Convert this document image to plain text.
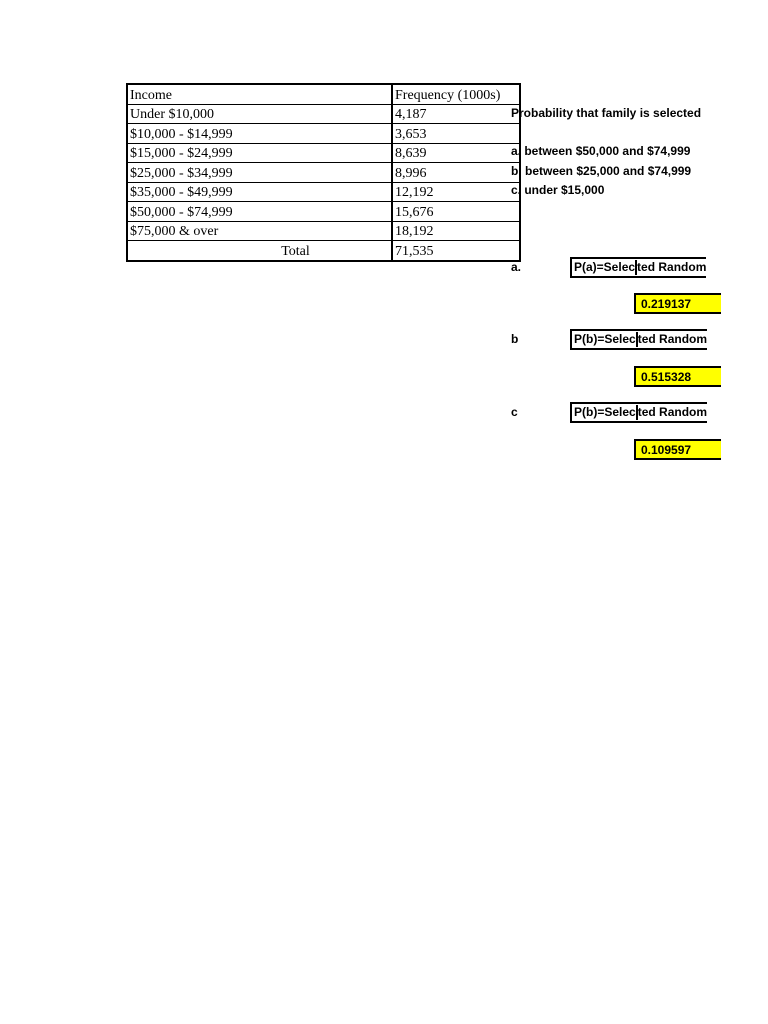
Income	Frequency (1000s)
Under $10,000	4,187
$10,000 - $14,999	3,653
$15,000 - $24,999	8,639
$25,000 - $34,999	8,996
$35,000 - $49,999	12,192
$50,000 - $74,999	15,676
$75,000 & over	18,192
Total	71,535
Probability that family is selected
a. between $50,000 and $74,999
b. between $25,000 and $74,999
c. under $15,000
a.	P(a)=Selec ted Random
0.219137
b	P(b)=Selec ted Random
0.515328
c	P(b)=Selec ted Random
0.109597
